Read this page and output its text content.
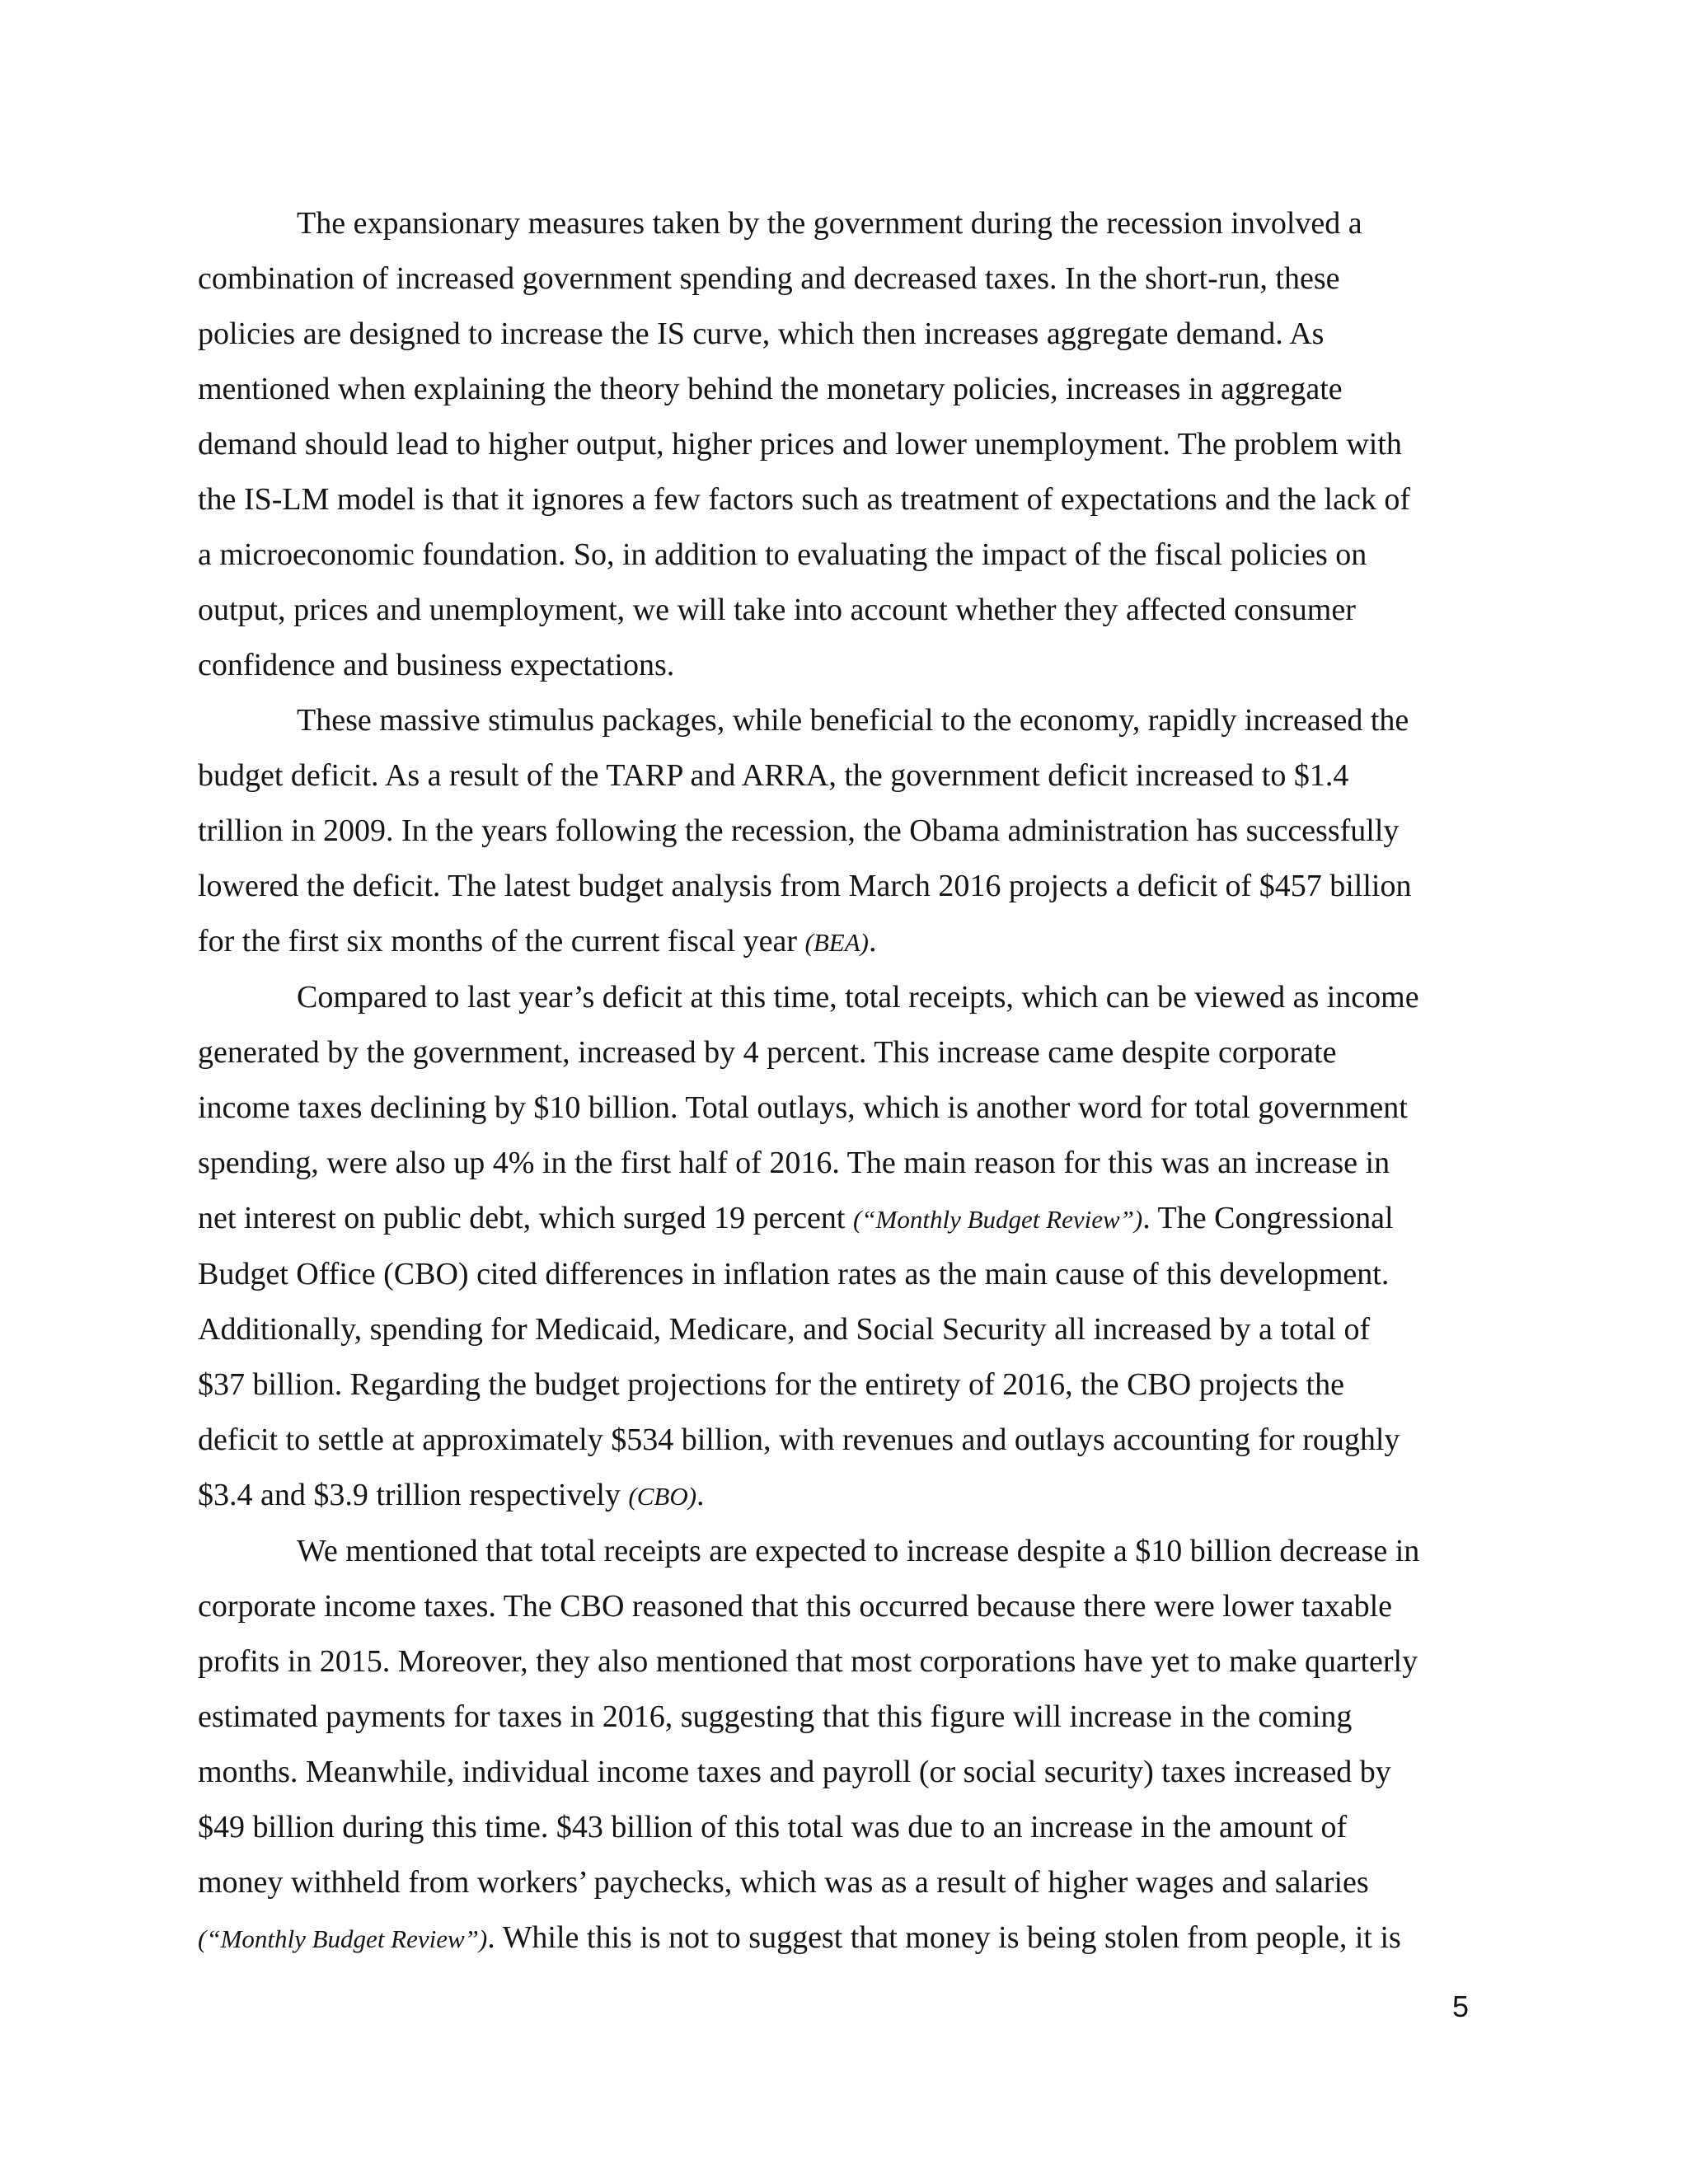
The expansionary measures taken by the government during the recession involved a
combination of increased government spending and decreased taxes. In the short-run, these
policies are designed to increase the IS curve, which then increases aggregate demand. As
mentioned when explaining the theory behind the monetary policies, increases in aggregate
demand should lead to higher output, higher prices and lower unemployment. The problem with
the IS-LM model is that it ignores a few factors such as treatment of expectations and the lack of
a microeconomic foundation. So, in addition to evaluating the impact of the fiscal policies on
output, prices and unemployment, we will take into account whether they affected consumer
confidence and business expectations.
These massive stimulus packages, while beneficial to the economy, rapidly increased the
budget deficit. As a result of the TARP and ARRA, the government deficit increased to $1.4
trillion in 2009. In the years following the recession, the Obama administration has successfully
lowered the deficit. The latest budget analysis from March 2016 projects a deficit of $457 billion
for the first six months of the current fiscal year (BEA).
Compared to last year’s deficit at this time, total receipts, which can be viewed as income
generated by the government, increased by 4 percent. This increase came despite corporate
income taxes declining by $10 billion. Total outlays, which is another word for total government
spending, were also up 4% in the first half of 2016. The main reason for this was an increase in
net interest on public debt, which surged 19 percent (“Monthly Budget Review”). The Congressional
Budget Office (CBO) cited differences in inflation rates as the main cause of this development.
Additionally, spending for Medicaid, Medicare, and Social Security all increased by a total of
$37 billion. Regarding the budget projections for the entirety of 2016, the CBO projects the
deficit to settle at approximately $534 billion, with revenues and outlays accounting for roughly
$3.4 and $3.9 trillion respectively (CBO).
We mentioned that total receipts are expected to increase despite a $10 billion decrease in
corporate income taxes. The CBO reasoned that this occurred because there were lower taxable
profits in 2015. Moreover, they also mentioned that most corporations have yet to make quarterly
estimated payments for taxes in 2016, suggesting that this figure will increase in the coming
months. Meanwhile, individual income taxes and payroll (or social security) taxes increased by
$49 billion during this time. $43 billion of this total was due to an increase in the amount of
money withheld from workers’ paychecks, which was as a result of higher wages and salaries
(“Monthly Budget Review”). While this is not to suggest that money is being stolen from people, it is
5
